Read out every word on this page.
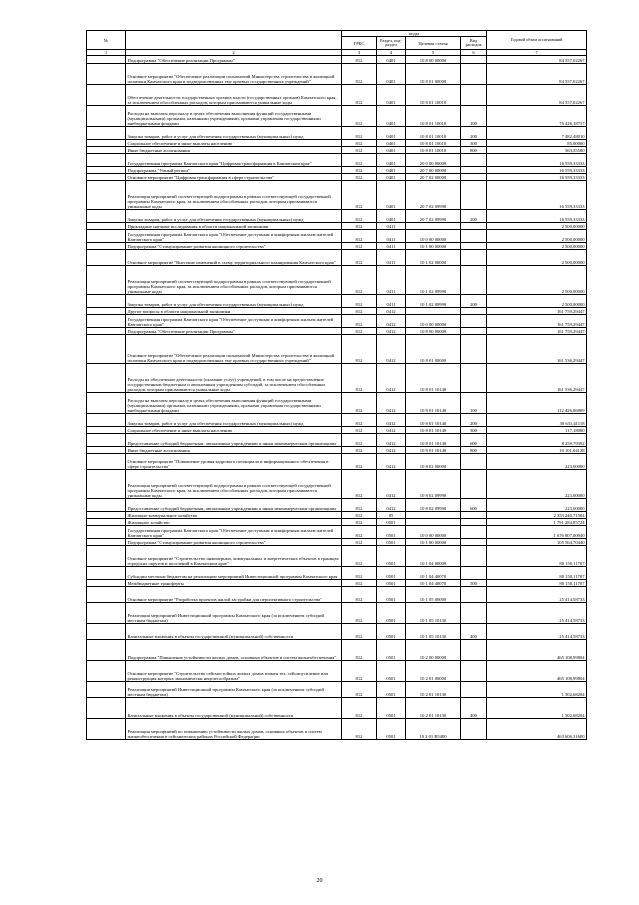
№		коды				Годовой объем ассигнований
		ГРБС	Раздел, под-раздел	Целевая статья	Вид расходов	
1	2	3	4	5	6	7
	Подпрограмма "Обеспечение реализации Программы"	812	0401	10 8 00 00000		84 557,02267
	Основное мероприятие "Обеспечение реализации полномочий Министерства строительства и жилищной политики Камчатского края и подведомственных ему краевых государственных учреждений"	812	0401	10 8 01 00000		84 557,02267
	Обеспечение деятельности государственных органов власти (государственных органов) Камчатского края, за исключением обособленных расходов, которым присваиваются уникальные коды	812	0401	10 8 01 10010		84 557,02267
	Расходы на выплаты персоналу в целях обеспечения выполнения функций государственными (муниципальными) органами, казенными учреждениями, органами управления государственными внебюджетными фондами	812	0401	10 8 01 10010	100	76 426,18757
	Закупка товаров, работ и услуг для обеспечения государственных (муниципальных) нужд	812	0401	10 8 01 10010	200	7 482,48010
	Социальное обеспечение и иные выплаты населению	812	0401	10 8 01 10010	300	85,00000
	Иные бюджетные ассигнования	812	0401	10 8 01 10010	800	563,35500
	Государственная программа Камчатского края "Цифровая трансформация в Камчатском крае"	812	0401	20 0 00 00000		16 559,33333
	Подпрограмма "Умный регион"	812	0401	20 7 00 00000		16 559,33333
	Основное мероприятие "Цифровая трансформация в сфере строительства"	812	0401	20 7 02 00000		16 559,33333
	Реализация мероприятий соответствующей подпрограммы в рамках соответствующей государственной программы Камчатского края, за исключением обособленных расходов, которым присваиваются уникальные коды	812	0401	20 7 02 09990		16 559,33333
	Закупка товаров, работ и услуг для обеспечения государственных (муниципальных) нужд	812	0401	20 7 02 09990	200	16 559,33333
	Прикладные научные исследования в области национальной экономики	812	0411			2 500,00000
	Государственная программа Камчатского края "Обеспечение доступным и комфортным жильем жителей Камчатского края"	812	0411	10 0 00 00000		2 500,00000
	Подпрограмма "Стимулирование развития жилищного строительства"	812	0411	10 1 00 00000		2 500,00000
	Основное мероприятие "Внесение изменений в схему территориального планирования Камчатского края"	812	0411	10 1 02 00000		2 500,00000
	Реализация мероприятий соответствующей подпрограммы в рамках соответствующей государственной программы Камчатского края, за исключением обособленных расходов, которым присваиваются уникальные коды	812	0411	10 1 02 09990		2 500,00000
	Закупка товаров, работ и услуг для обеспечения государственных (муниципальных) нужд	812	0411	10 1 02 09990	200	2 500,00000
	Другие вопросы в области национальной экономики	812	0412			161 759,29447
	Государственная программа Камчатского края "Обеспечение доступным и комфортным жильем жителей Камчатского края"	812	0412	10 0 00 00000		161 759,29447
	Подпрограмма "Обеспечение реализации Программы"	812	0412	10 8 00 00000		161 759,29447
	Основное мероприятие "Обеспечение реализации полномочий Министерства строительства и жилищной политики Камчатского края и подведомственных ему краевых государственных учреждений"	812	0412	10 8 01 00000		161 536,29447
	Расходы на обеспечение деятельности (оказание услуг) учреждений, в том числе на предоставление государственным бюджетным и автономным учреждениям субсидий, за исключением обособленных расходов, которым присваиваются уникальные коды	812	0412	10 8 01 10140		161 536,29447
	Расходы на выплаты персоналу в целях обеспечения выполнения функций государственными (муниципальными) органами, казенными учреждениями, органами управления государственными внебюджетными фондами	812	0412	10 8 01 10140	100	112 426,86809
	Закупка товаров, работ и услуг для обеспечения государственных (муниципальных) нужд	812	0412	10 8 01 10140	200	30 631,41118
	Социальное обеспечение и иные выплаты населению	812	0412	10 8 01 10140	300	117,18000
	Предоставление субсидий бюджетным, автономным учреждениям и иным некоммерческим организациям	812	0412	10 8 01 10140	600	8 259,79392
	Иные бюджетные ассигнования	812	0412	10 8 01 10140	800	10 101,04128
	Основное мероприятие "Повышение уровня кадрового потенциала и информационного обеспечения в сфере строительства"	812	0412	10 8 02 00000		223,00000
	Реализация мероприятий соответствующей подпрограммы в рамках соответствующей государственной программы Камчатского края, за исключением обособленных расходов, которым присваиваются уникальные коды	812	0412	10 8 02 09990		223,00000
	Предоставление субсидий бюджетным, автономным учреждениям и иным некоммерческим организациям	812	0412	10 8 02 09990	600	223,00000
	Жилищно-коммунальное хозяйство	812	05			2 353 240,71584
	Жилищное хозяйство	812	0501			1 791 284,85724
	Государственная программа Камчатского края "Обеспечение доступным и комфортным жильем жителей Камчатского края"	812	0501	10 0 00 00000		1 676 807,00940
	Подпрограмма "Стимулирование развития жилищного строительства"	812	0501	10 1 00 00000		105 564,70440
	Основное мероприятие "Строительство инженерных, коммунальных и энергетических объектов в границах городских округов и поселений в Камчатском крае"	812	0501	10 1 04 00000		80 150,11707
	Субсидии местным бюджетам на реализацию мероприятий Инвестиционной программы Камчатского края	812	0501	10 1 04 40070		80 150,11707
	Межбюджетные трансферты	812	0501	10 1 04 40070	500	80 150,11707
	Основное мероприятие "Разработка проектов жилой застройки для перспективного строительства"	812	0501	10 1 05 00000		25 414,58733
	Реализация мероприятий Инвестиционной программы Камчатского края (за исключением субсидий местным бюджетам)	812	0501	10 1 05 10130		25 414,58733
	Капитальные вложения в объекты государственной (муниципальной) собственности	812	0501	10 1 05 10130	400	25 414,58733
	Подпрограмма "Повышение устойчивости жилых домов, основных объектов и систем жизнеобеспечения"	812	0501	10 2 00 00000		465 108,99804
	Основное мероприятие "Строительство сейсмостойких жилых домов взамен тех, сейсмоусиление или реконструкция которых экономически нецелесообразны"	812	0501	10 2 01 00000		465 108,99804
	Реализация мероприятий Инвестиционной программы Камчатского края (за исключением субсидий местным бюджетам)	812	0501	10 2 01 10130		1 502,68204
	Капитальные вложения в объекты государственной (муниципальной) собственности	812	0501	10 2 01 10130	400	1 502,68204
	Реализация мероприятий по повышению устойчивости жилых домов, основных объектов и систем жизнеобеспечения в сейсмических районах Российской Федерации	812	0501	10 2 01 R5400		463 606,31600
20
